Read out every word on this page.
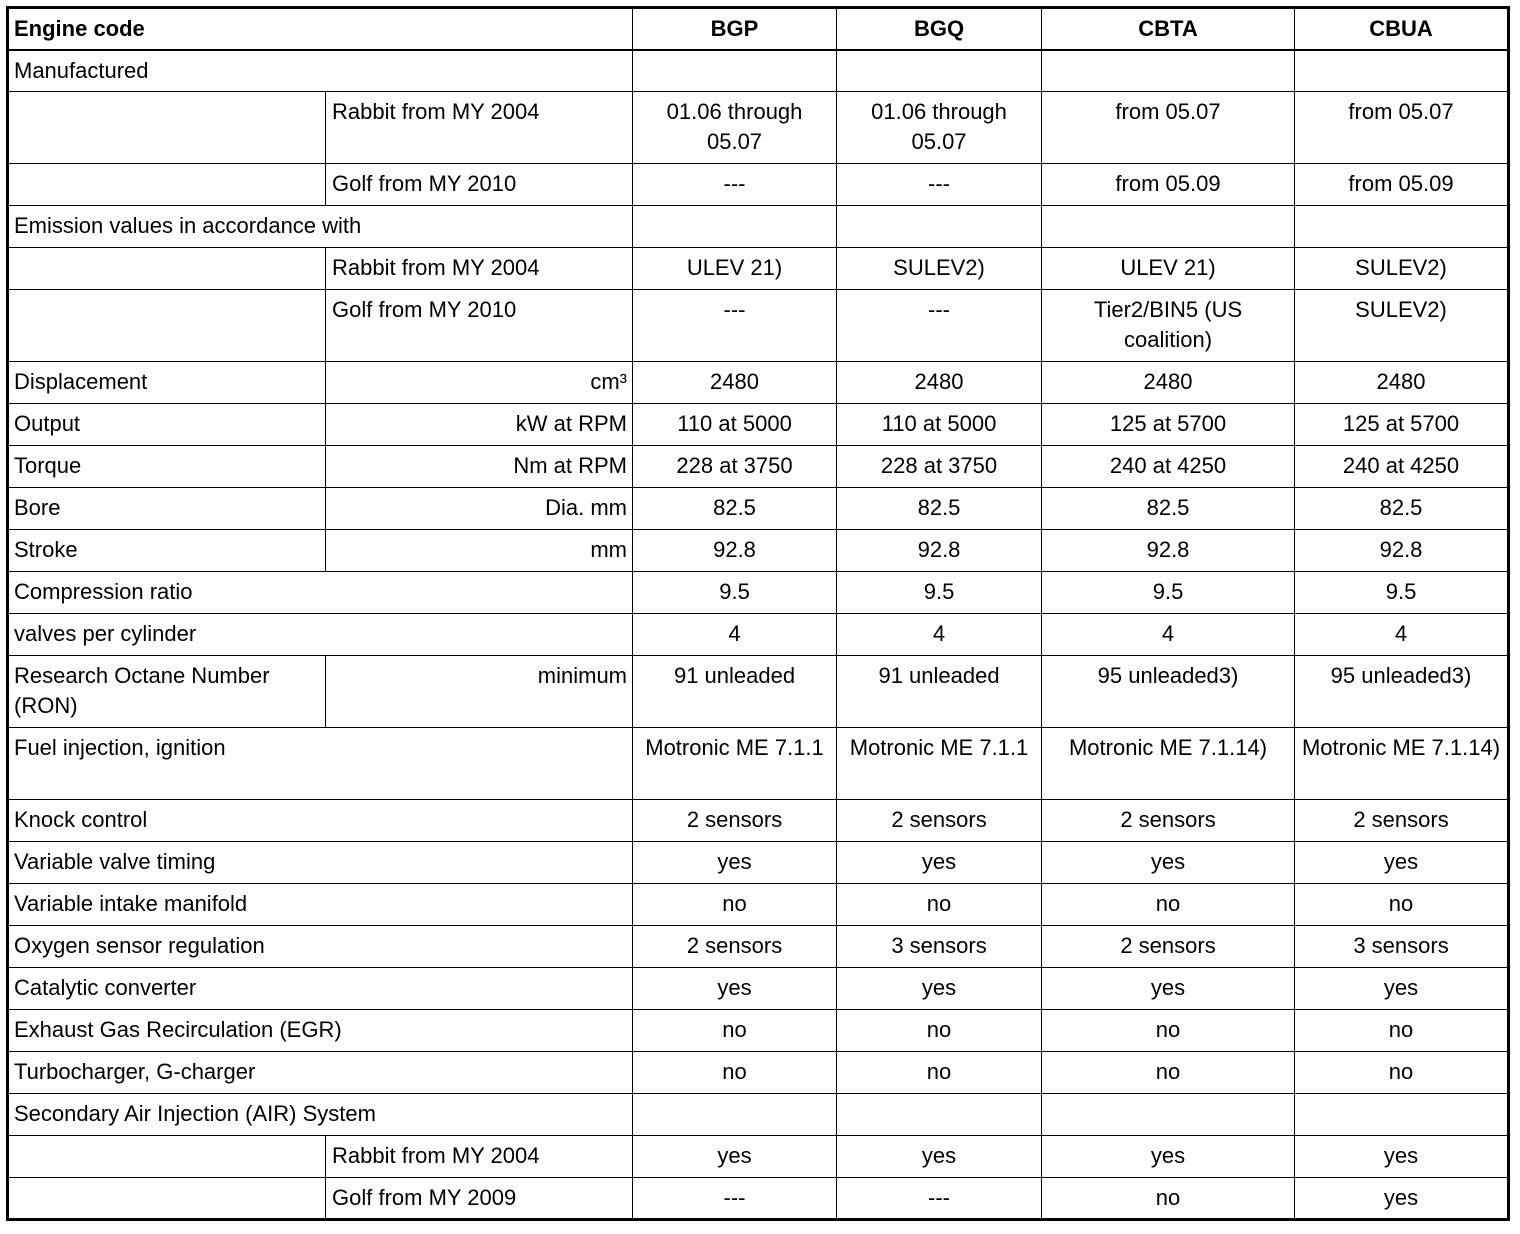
Engine code		BGP	BGQ	CBTA	CBUA
Manufactured					
	Rabbit from MY 2004	01.06 through 05.07	01.06 through 05.07	from 05.07	from 05.07
	Golf from MY 2010	---	---	from 05.09	from 05.09
Emission values in accordance with					
	Rabbit from MY 2004	ULEV 21)	SULEV2)	ULEV 21)	SULEV2)
	Golf from MY 2010	---	---	Tier2/BIN5 (US coalition)	SULEV2)
Displacement	cm³	2480	2480	2480	2480
Output	kW at RPM	110 at 5000	110 at 5000	125 at 5700	125 at 5700
Torque	Nm at RPM	228 at 3750	228 at 3750	240 at 4250	240 at 4250
Bore	Dia. mm	82.5	82.5	82.5	82.5
Stroke	mm	92.8	92.8	92.8	92.8
Compression ratio		9.5	9.5	9.5	9.5
valves per cylinder		4	4	4	4
Research Octane Number (RON)	minimum	91 unleaded	91 unleaded	95 unleaded3)	95 unleaded3)
Fuel injection, ignition		Motronic ME 7.1.1	Motronic ME 7.1.1	Motronic ME 7.1.14)	Motronic ME 7.1.14)
Knock control		2 sensors	2 sensors	2 sensors	2 sensors
Variable valve timing		yes	yes	yes	yes
Variable intake manifold		no	no	no	no
Oxygen sensor regulation		2 sensors	3 sensors	2 sensors	3 sensors
Catalytic converter		yes	yes	yes	yes
Exhaust Gas Recirculation (EGR)		no	no	no	no
Turbocharger, G-charger		no	no	no	no
Secondary Air Injection (AIR) System					
	Rabbit from MY 2004	yes	yes	yes	yes
	Golf from MY 2009	---	---	no	yes
